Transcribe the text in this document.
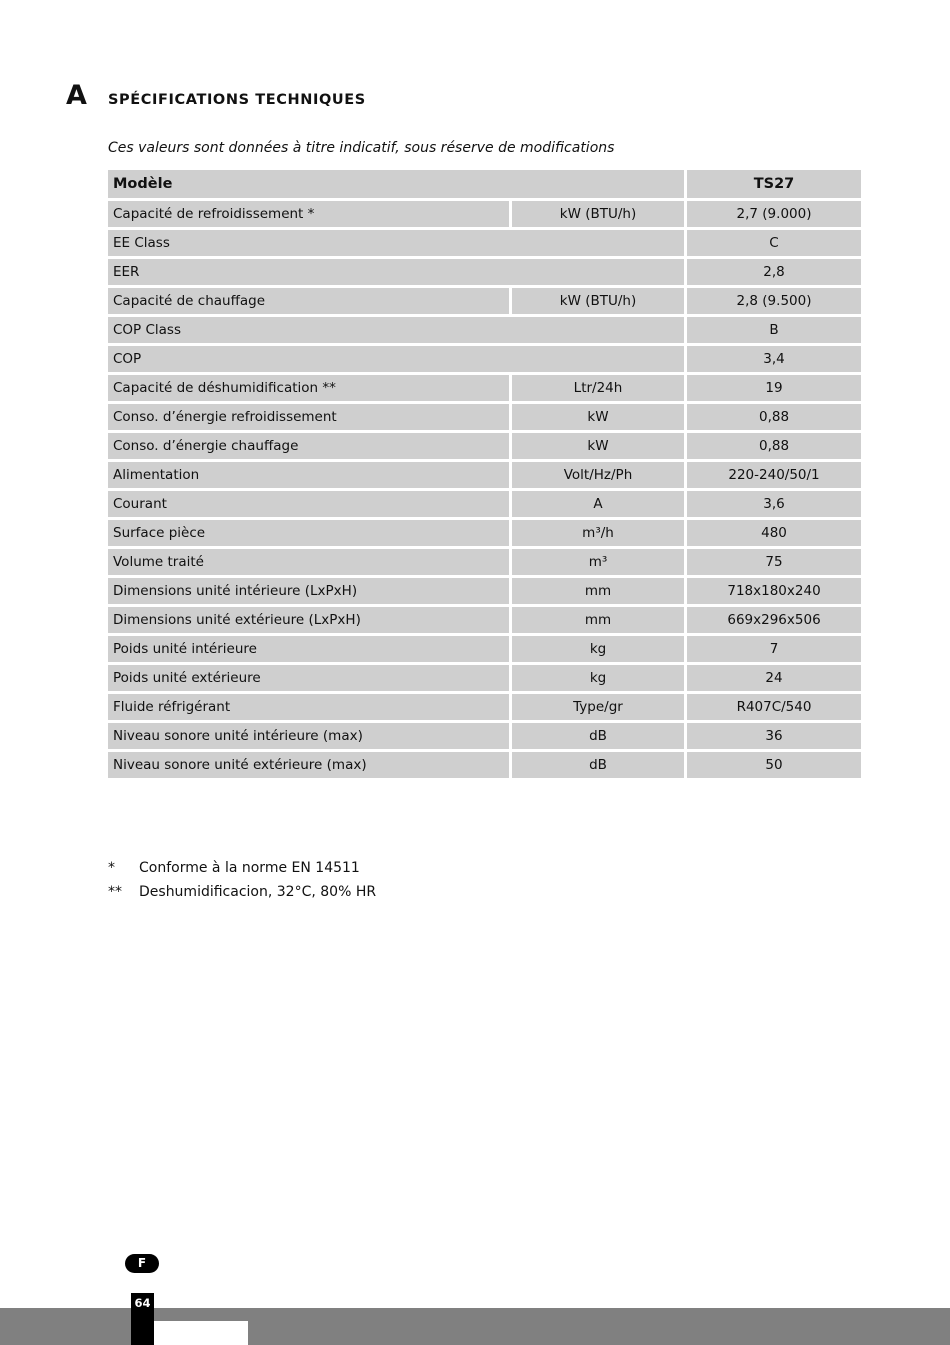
A SPÉCIFICATIONS TECHNIQUES
Ces valeurs sont données à titre indicatif, sous réserve de modifications
Modèle		TS27
Capacité de refroidissement *	kW (BTU/h)	2,7 (9.000)
EE Class		C
EER		2,8
Capacité de chauffage	kW (BTU/h)	2,8 (9.500)
COP Class		B
COP		3,4
Capacité de déshumidification **	Ltr/24h	19
Conso. d’énergie refroidissement	kW	0,88
Conso. d’énergie chauffage	kW	0,88
Alimentation	Volt/Hz/Ph	220-240/50/1
Courant	A	3,6
Surface pièce	m³/h	480
Volume traité	m³	75
Dimensions unité intérieure (LxPxH)	mm	718x180x240
Dimensions unité extérieure (LxPxH)	mm	669x296x506
Poids unité intérieure	kg	7
Poids unité extérieure	kg	24
Fluide réfrigérant	Type/gr	R407C/540
Niveau sonore unité intérieure (max)	dB	36
Niveau sonore unité extérieure (max)	dB	50
*	Conforme à la norme EN 14511
**	Deshumidificacion, 32°C, 80% HR
F
64
